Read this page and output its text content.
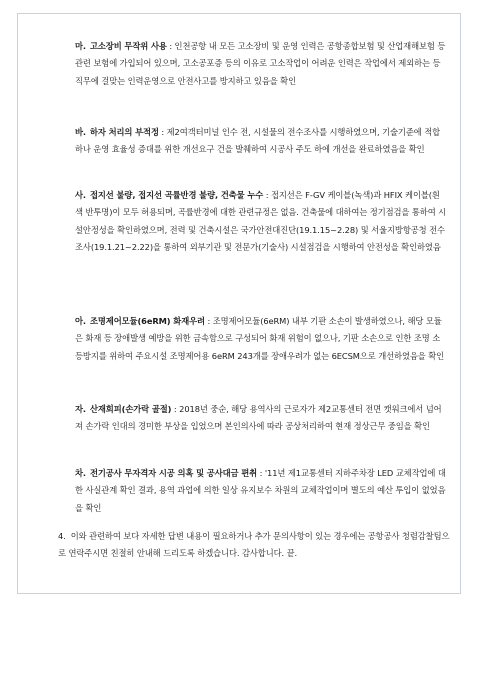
마. 고소장비 무작위 사용 : 인천공항 내 모든 고소장비 및 운영 인력은 공항종합보험 및 산업재해보험 등 관련 보험에 가입되어 있으며, 고소공포증 등의 이유로 고소작업이 어려운 인력은 작업에서 제외하는 등 직무에 걸맞는 인력운영으로 안전사고를 방지하고 있음을 확인
바. 하자 처리의 부적정 : 제2여객터미널 인수 전, 시설물의 전수조사를 시행하였으며, 기술기준에 적합하나 운영 효율성 증대를 위한 개선요구 건을 발췌하여 시공사 주도 하에 개선을 완료하였음을 확인
사. 접지선 불량, 접지선 곡률반경 불량, 건축물 누수 : 접지선은 F-GV 케이블(녹색)과 HFIX 케이블(흰색 반투명)이 모두 허용되며, 곡률반경에 대한 관련규정은 없음. 건축물에 대하여는 정기점검을 통하여 시설안정성을 확인하였으며, 전력 및 건축시설은 국가안전대진단(19.1.15~2.28) 및 서울지방항공청 전수조사(19.1.21~2.22)을 통하여 외부기관 및 전문가(기술사) 시설점검을 시행하여 안전성을 확인하였음
아. 조명제어모듈(6eRM) 화재우려 : 조명제어모듈(6eRM) 내부 기판 소손이 발생하였으나, 해당 모듈은 화재 등 장애발생 예방을 위한 금속함으로 구성되어 화재 위험이 없으나, 기판 소손으로 인한 조명 소등방지를 위하여 주요시설 조명제어용 6eRM 243개를 장애우려가 없는 6ECSM으로 개선하였음을 확인
자. 산재회피(손가락 골절) : 2018년 중순, 해당 용역사의 근로자가 제2교통센터 전면 캣워크에서 넘어져 손가락 인대의 경미한 부상을 입었으며 본인의사에 따라 공상처리하여 현재 정상근무 중임을 확인
차. 전기공사 무자격자 시공 의혹 및 공사대금 편취 : '11년 제1교통센터 지하주차장 LED 교체작업에 대한 사실관계 확인 결과, 용역 과업에 의한 일상 유지보수 차원의 교체작업이며 별도의 예산 투입이 없었음을 확인
4. 이와 관련하여 보다 자세한 답변 내용이 필요하거나 추가 문의사항이 있는 경우에는 공항공사 청렴감찰팀으로 연락주시면 친절히 안내해 드리도록 하겠습니다. 감사합니다. 끝.
